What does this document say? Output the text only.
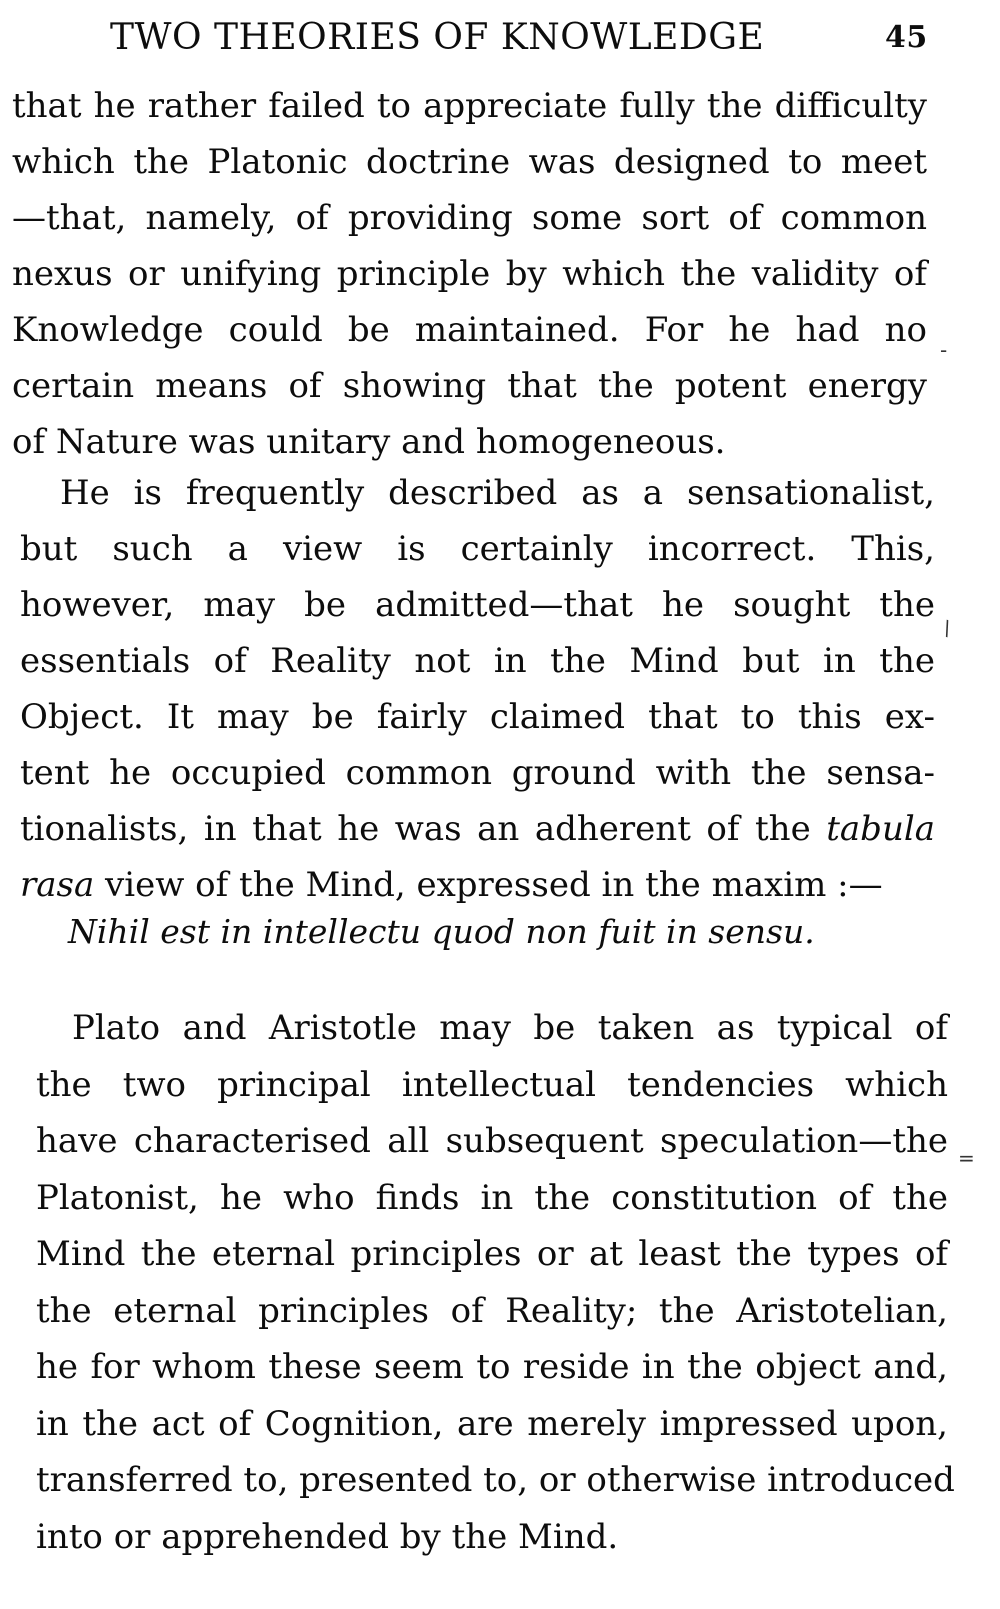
TWO THEORIES OF KNOWLEDGE	45
that he rather failed to appreciate fully the difficulty
which the Platonic doctrine was designed to meet
—that, namely, of providing some sort of common
nexus or unifying principle by which the validity of
Knowledge could be maintained. For he had no
certain means of showing that the potent energy
of Nature was unitary and homogeneous.
He is frequently described as a sensationalist,
but such a view is certainly incorrect. This,
however, may be admitted—that he sought the
essentials of Reality not in the Mind but in the
Object. It may be fairly claimed that to this ex-
tent he occupied common ground with the sensa-
tionalists, in that he was an adherent of the tabula
rasa view of the Mind, expressed in the maxim :—
Nihil est in intellectu quod non fuit in sensu.
Plato and Aristotle may be taken as typical of
the two principal intellectual tendencies which
have characterised all subsequent speculation—the
Platonist, he who finds in the constitution of the
Mind the eternal principles or at least the types of
the eternal principles of Reality; the Aristotelian,
he for whom these seem to reside in the object and,
in the act of Cognition, are merely impressed upon,
transferred to, presented to, or otherwise introduced
into or apprehended by the Mind.
-
\
=
